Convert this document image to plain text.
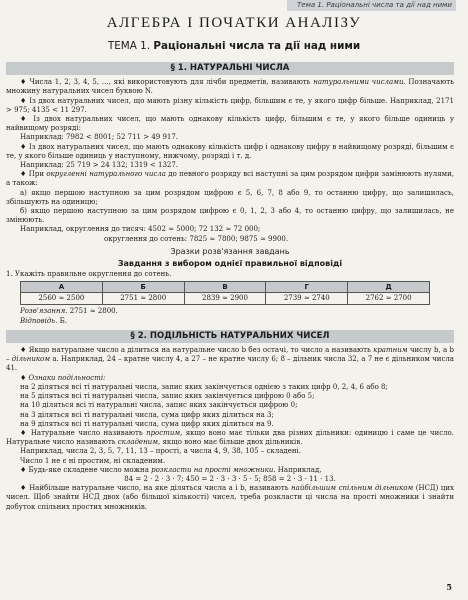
Тема 1. Раціональні числа та дії над ними
АЛГЕБРА І ПОЧАТКИ АНАЛІЗУ
ТЕМА 1. Раціональні числа та дії над ними
§ 1. НАТУРАЛЬНІ ЧИСЛА

♦ Числа 1, 2, 3, 4, 5, …, які використовують для лічби предметів, називають натуральними числами. Позначають множину натуральних чисел буквою N.

♦ Із двох натуральних чисел, що мають різну кількість цифр, більшим є те, у якого цифр більше. Наприклад, 2171 > 975; 4135 < 11 297.

♦ Із двох натуральних чисел, що мають однакову кількість цифр, більшим є те, у якого більше одиниць у найвищому розряді:

Наприклад: 7982 < 8001; 52 711 > 49 917.

♦ Із двох натуральних чисел, що мають однакову кількість цифр і однакову цифру в найвищому розряді, більшим є те, у якого більше одиниць у наступному, нижчому, розряді і т. д.

Наприклад: 25 719 > 24 132; 1319 < 1327.

♦ При округленні натурального числа до певного розряду всі наступні за цим розрядом цифри замінюють нулями, а також:

а) якщо першою наступною за цим розрядом цифрою є 5, 6, 7, 8 або 9, то останню цифру, що залишилась, збільшують на одиницю;

б) якщо першою наступною за цим розрядом цифрою є 0, 1, 2, 3 або 4, то останню цифру, що залишилась, не змінюють.

Наприклад, округлення до тисяч: 4502 ≈ 5000; 72 132 ≈ 72 000;

округлення до сотень: 7825 ≈ 7800; 9875 ≈ 9900.

Зразки розв'язання завдань
Завдання з вибором однієї правильної відповіді

1. Укажіть правильне округлення до сотень.

А	Б	В	Г	Д
2560 ≈ 2500	2751 ≈ 2800	2839 ≈ 2900	2739 ≈ 2740	2762 ≈ 2700

Розв'язання. 2751 ≈ 2800.

Відповідь. Б.

§ 2. ПОДІЛЬНІСТЬ НАТУРАЛЬНИХ ЧИСЕЛ

♦ Якщо натуральне число a ділиться на натуральне число b без остачі, то число a називають кратним числу b, а b – дільником a. Наприклад, 24 – кратне числу 4, а 27 – не кратне числу 6; 8 – дільник числа 32, а 7 не є дільником числа 41.

♦ Ознаки подільності:

на 2 діляться всі ті натуральні числа, запис яких закінчується однією з таких цифр 0, 2, 4, 6 або 8;

на 5 діляться всі ті натуральні числа, запис яких закінчується цифрою 0 або 5;

на 10 діляться всі ті натуральні числа, запис яких закінчується цифрою 0;

на 3 діляться всі ті натуральні числа, сума цифр яких ділиться на 3;

на 9 діляться всі ті натуральні числа, сума цифр яких ділиться на 9.

♦ Натуральне число називають простим, якщо воно має тільки два різних дільники: одиницю і саме це число. Натуральне число називають складеним, якщо воно має більше двох дільників.

Наприклад, числа 2, 3, 5, 7, 11, 13 – прості, а числа 4, 9, 38, 105 – складені.

Число 1 не є ні простим, ні складеним.

♦ Будь-яке складене число можна розкласти на прості множники. Наприклад,

84 = 2 · 2 · 3 · 7; 450 = 2 · 3 · 3 · 5 · 5; 858 = 2 · 3 · 11 · 13.

♦ Найбільше натуральне число, на яке діляться числа a і b, називають найбільшим спільним дільником (НСД) цих чисел. Щоб знайти НСД двох (або більшої кількості) чисел, треба розкласти ці числа на прості множники і знайти добуток спільних простих множників.

5
